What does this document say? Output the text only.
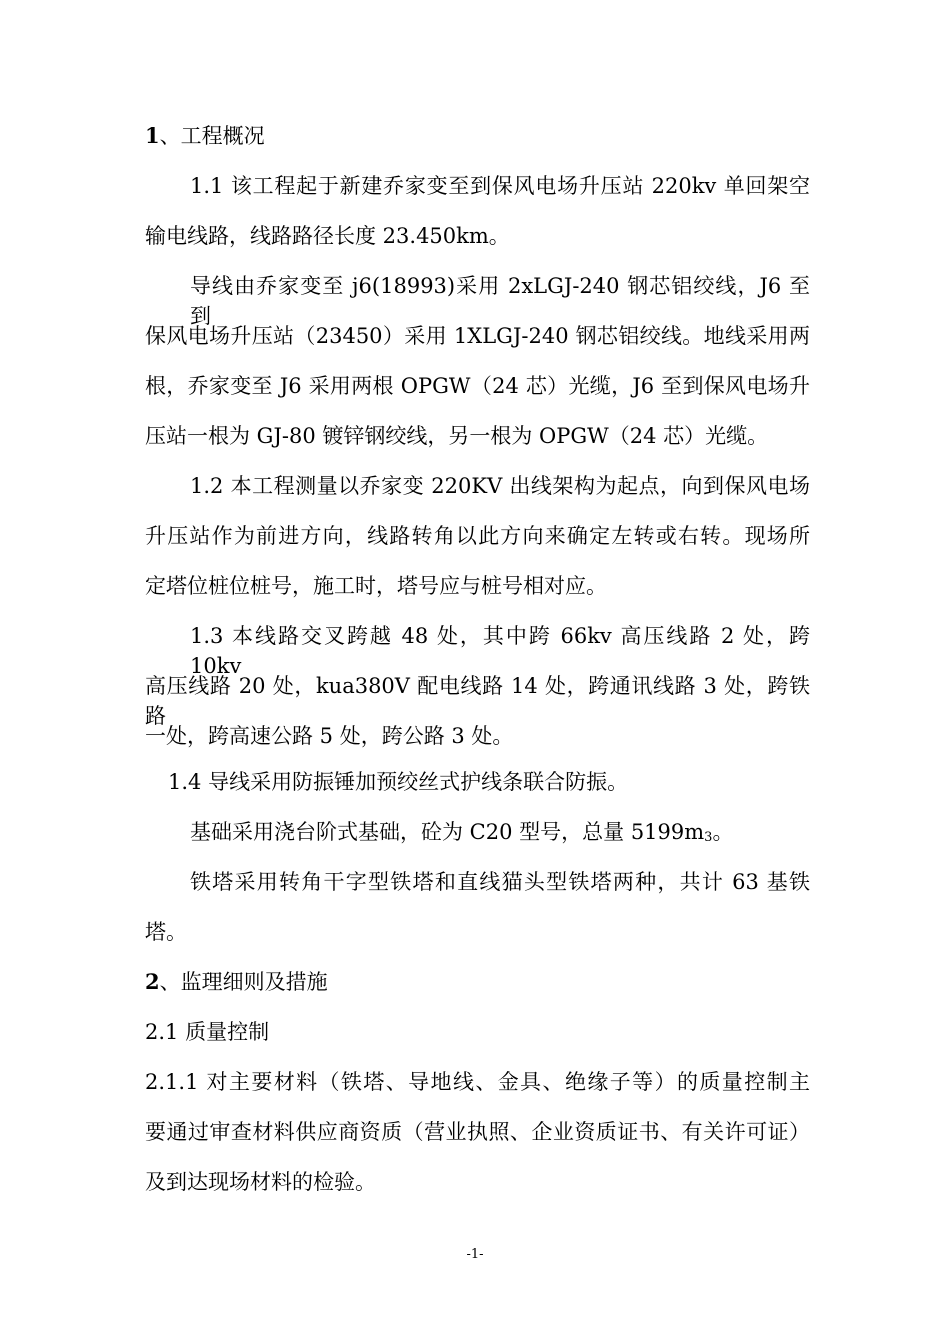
1、工程概况
1.1 该工程起于新建乔家变至到保风电场升压站 220kv 单回架空
输电线路，线路路径长度 23.450km。
导线由乔家变至 j6(18993)采用 2xLGJ-240 钢芯铝绞线，J6 至到
保风电场升压站（23450）采用 1XLGJ-240 钢芯铝绞线。地线采用两
根，乔家变至 J6 采用两根 OPGW（24 芯）光缆，J6 至到保风电场升
压站一根为 GJ-80 镀锌钢绞线，另一根为 OPGW（24 芯）光缆。
1.2 本工程测量以乔家变 220KV 出线架构为起点，向到保风电场
升压站作为前进方向，线路转角以此方向来确定左转或右转。现场所
定塔位桩位桩号，施工时，塔号应与桩号相对应。
1.3 本线路交叉跨越 48 处，其中跨 66kv 高压线路 2 处，跨 10kv
高压线路 20 处，kua380V 配电线路 14 处，跨通讯线路 3 处，跨铁路
一处，跨高速公路 5 处，跨公路 3 处。
1.4 导线采用防振锤加预绞丝式护线条联合防振。
基础采用浇台阶式基础，砼为 C20 型号，总量 $5199m_3$。
铁塔采用转角干字型铁塔和直线猫头型铁塔两种，共计 63 基铁
塔。
2、监理细则及措施
2.1 质量控制
2.1.1 对主要材料（铁塔、导地线、金具、绝缘子等）的质量控制主
要通过审查材料供应商资质（营业执照、企业资质证书、有关许可证）
及到达现场材料的检验。
-1-
